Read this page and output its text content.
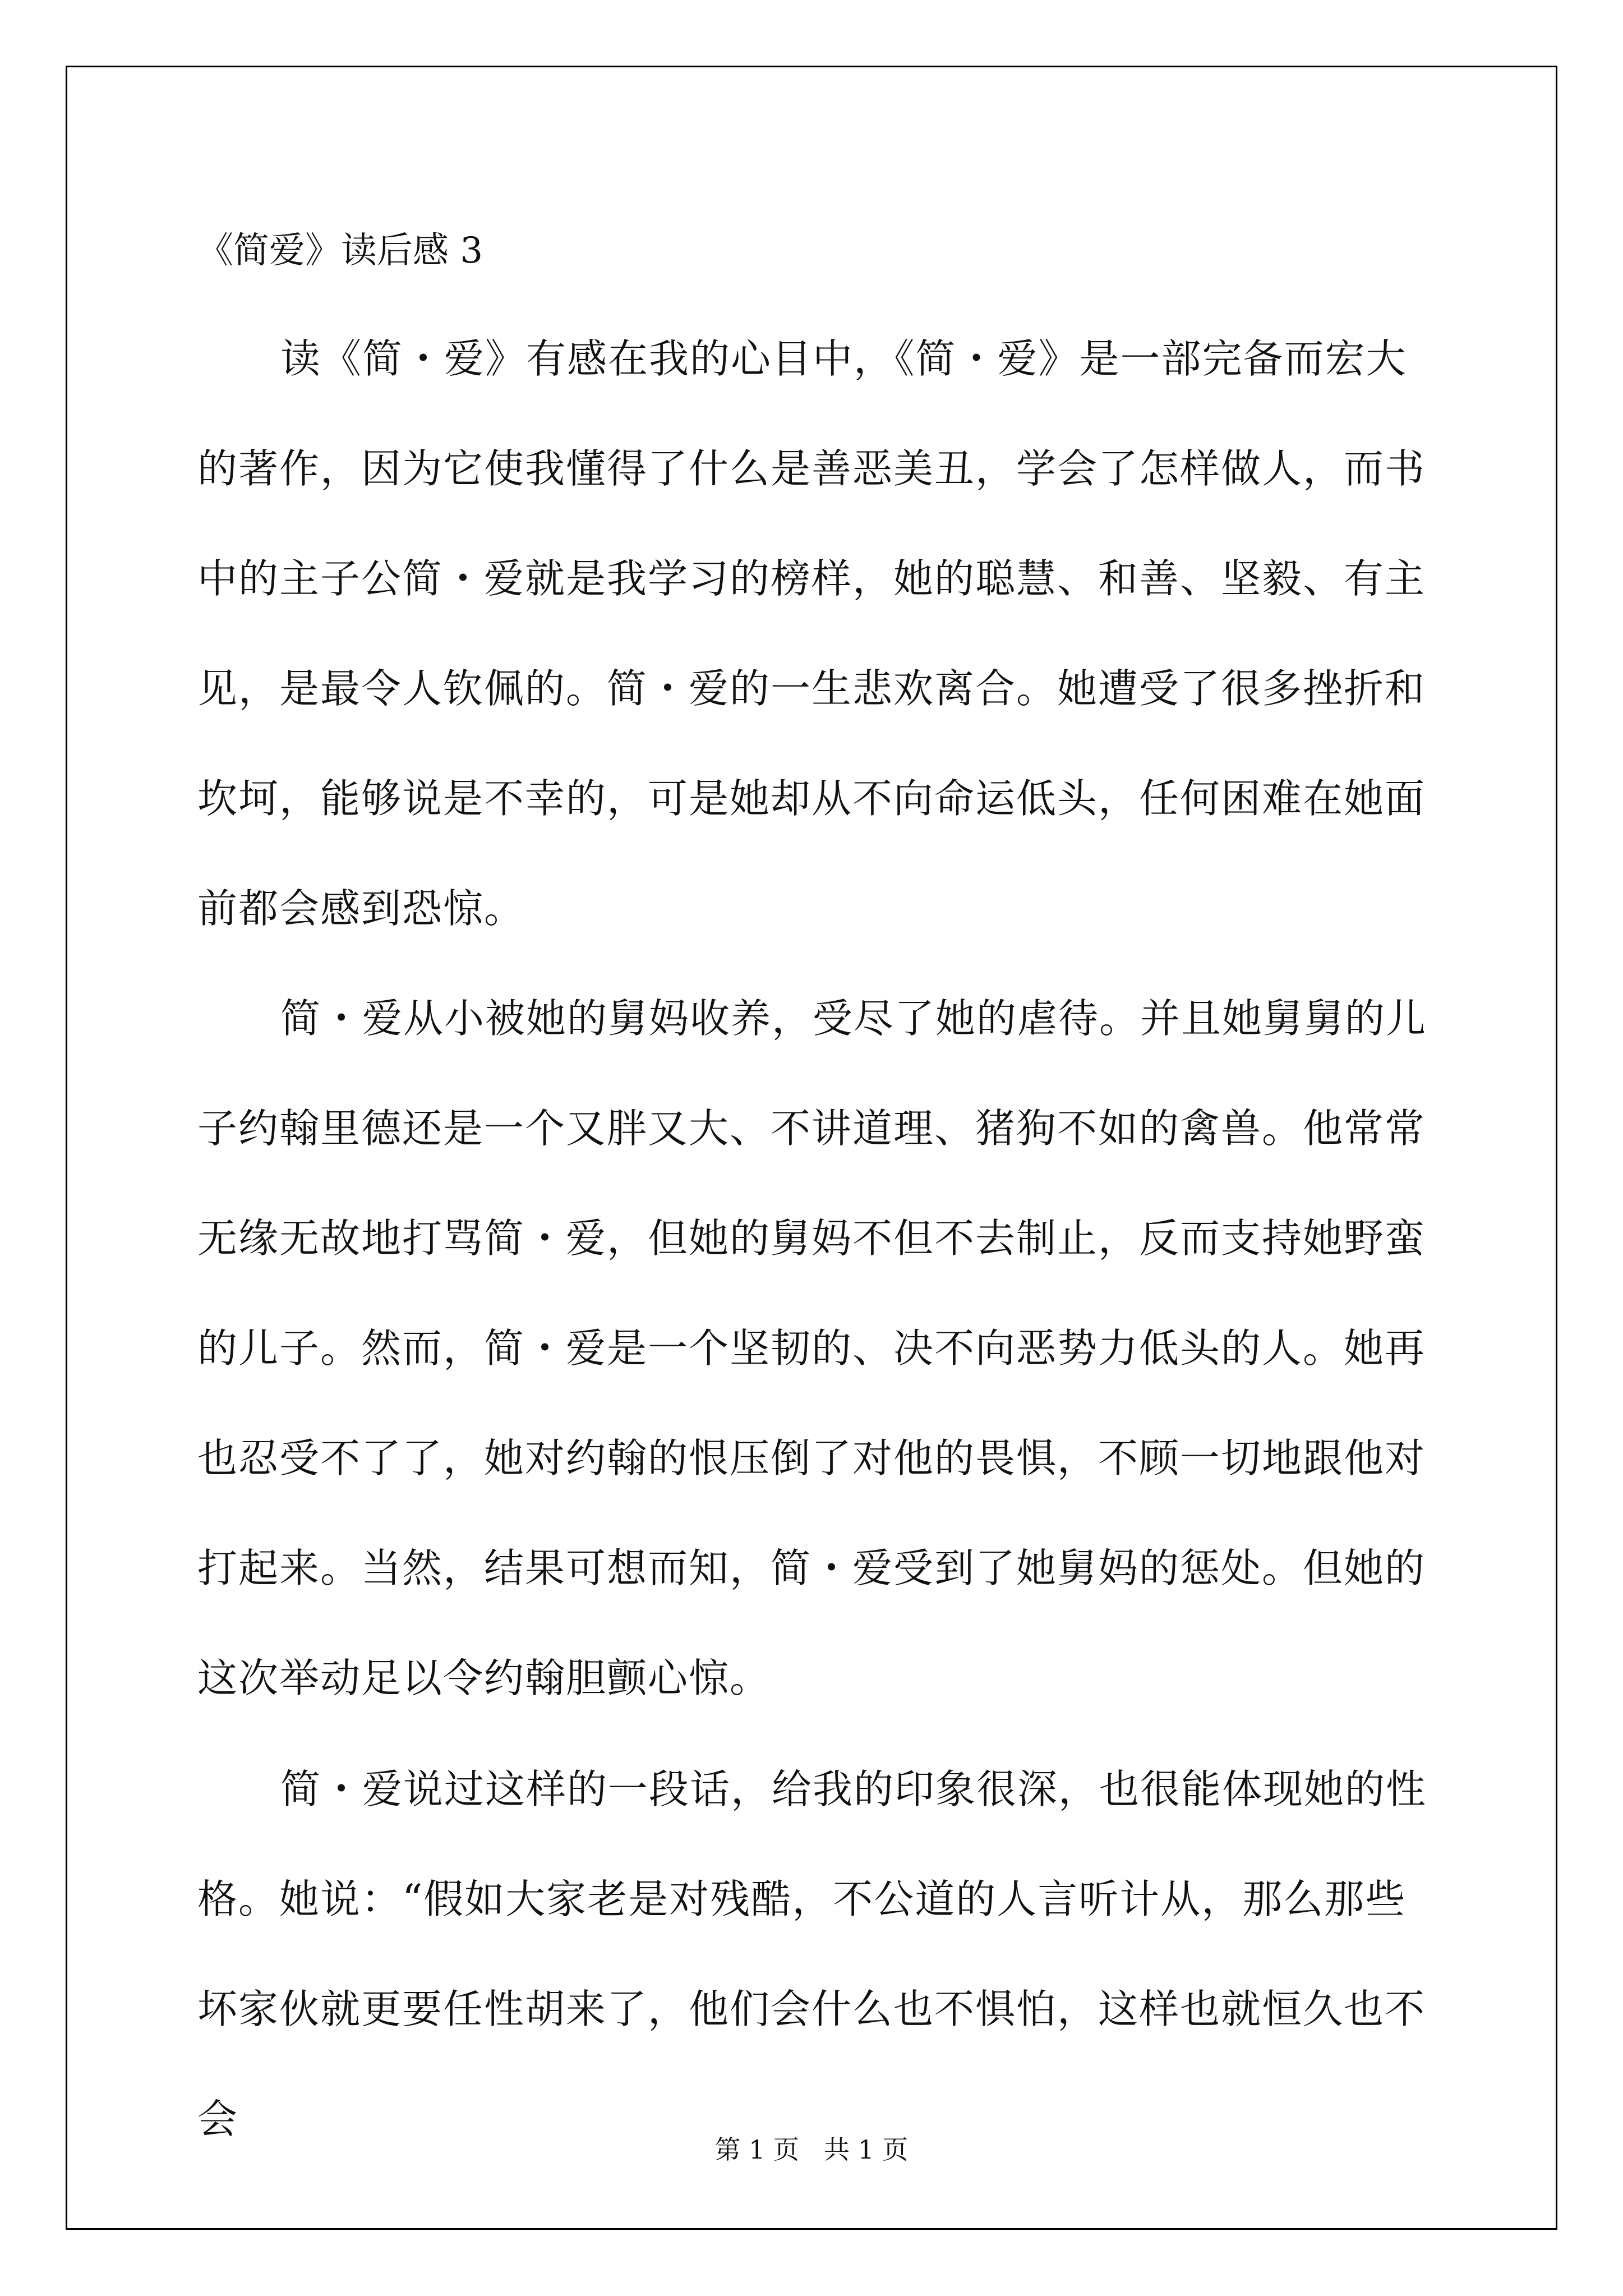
《简爱》读后感 3

读《简・爱》有感在我的心目中，《简・爱》是一部完备而宏大的著作，因为它使我懂得了什么是善恶美丑，学会了怎样做人，而书中的主子公简・爱就是我学习的榜样，她的聪慧、和善、坚毅、有主见，是最令人钦佩的。简・爱的一生悲欢离合。她遭受了很多挫折和坎坷，能够说是不幸的，可是她却从不向命运低头，任何困难在她面前都会感到恐惊。

简・爱从小被她的舅妈收养，受尽了她的虐待。并且她舅舅的儿子约翰里德还是一个又胖又大、不讲道理、猪狗不如的禽兽。他常常无缘无故地打骂简・爱，但她的舅妈不但不去制止，反而支持她野蛮的儿子。然而，简・爱是一个坚韧的、决不向恶势力低头的人。她再也忍受不了了，她对约翰的恨压倒了对他的畏惧，不顾一切地跟他对打起来。当然，结果可想而知，简・爱受到了她舅妈的惩处。但她的这次举动足以令约翰胆颤心惊。

简・爱说过这样的一段话，给我的印象很深，也很能体现她的性格。她说：“假如大家老是对残酷，不公道的人言听计从，那么那些坏家伙就更要任性胡来了，他们会什么也不惧怕，这样也就恒久也不会

第 1 页   共 1 页
